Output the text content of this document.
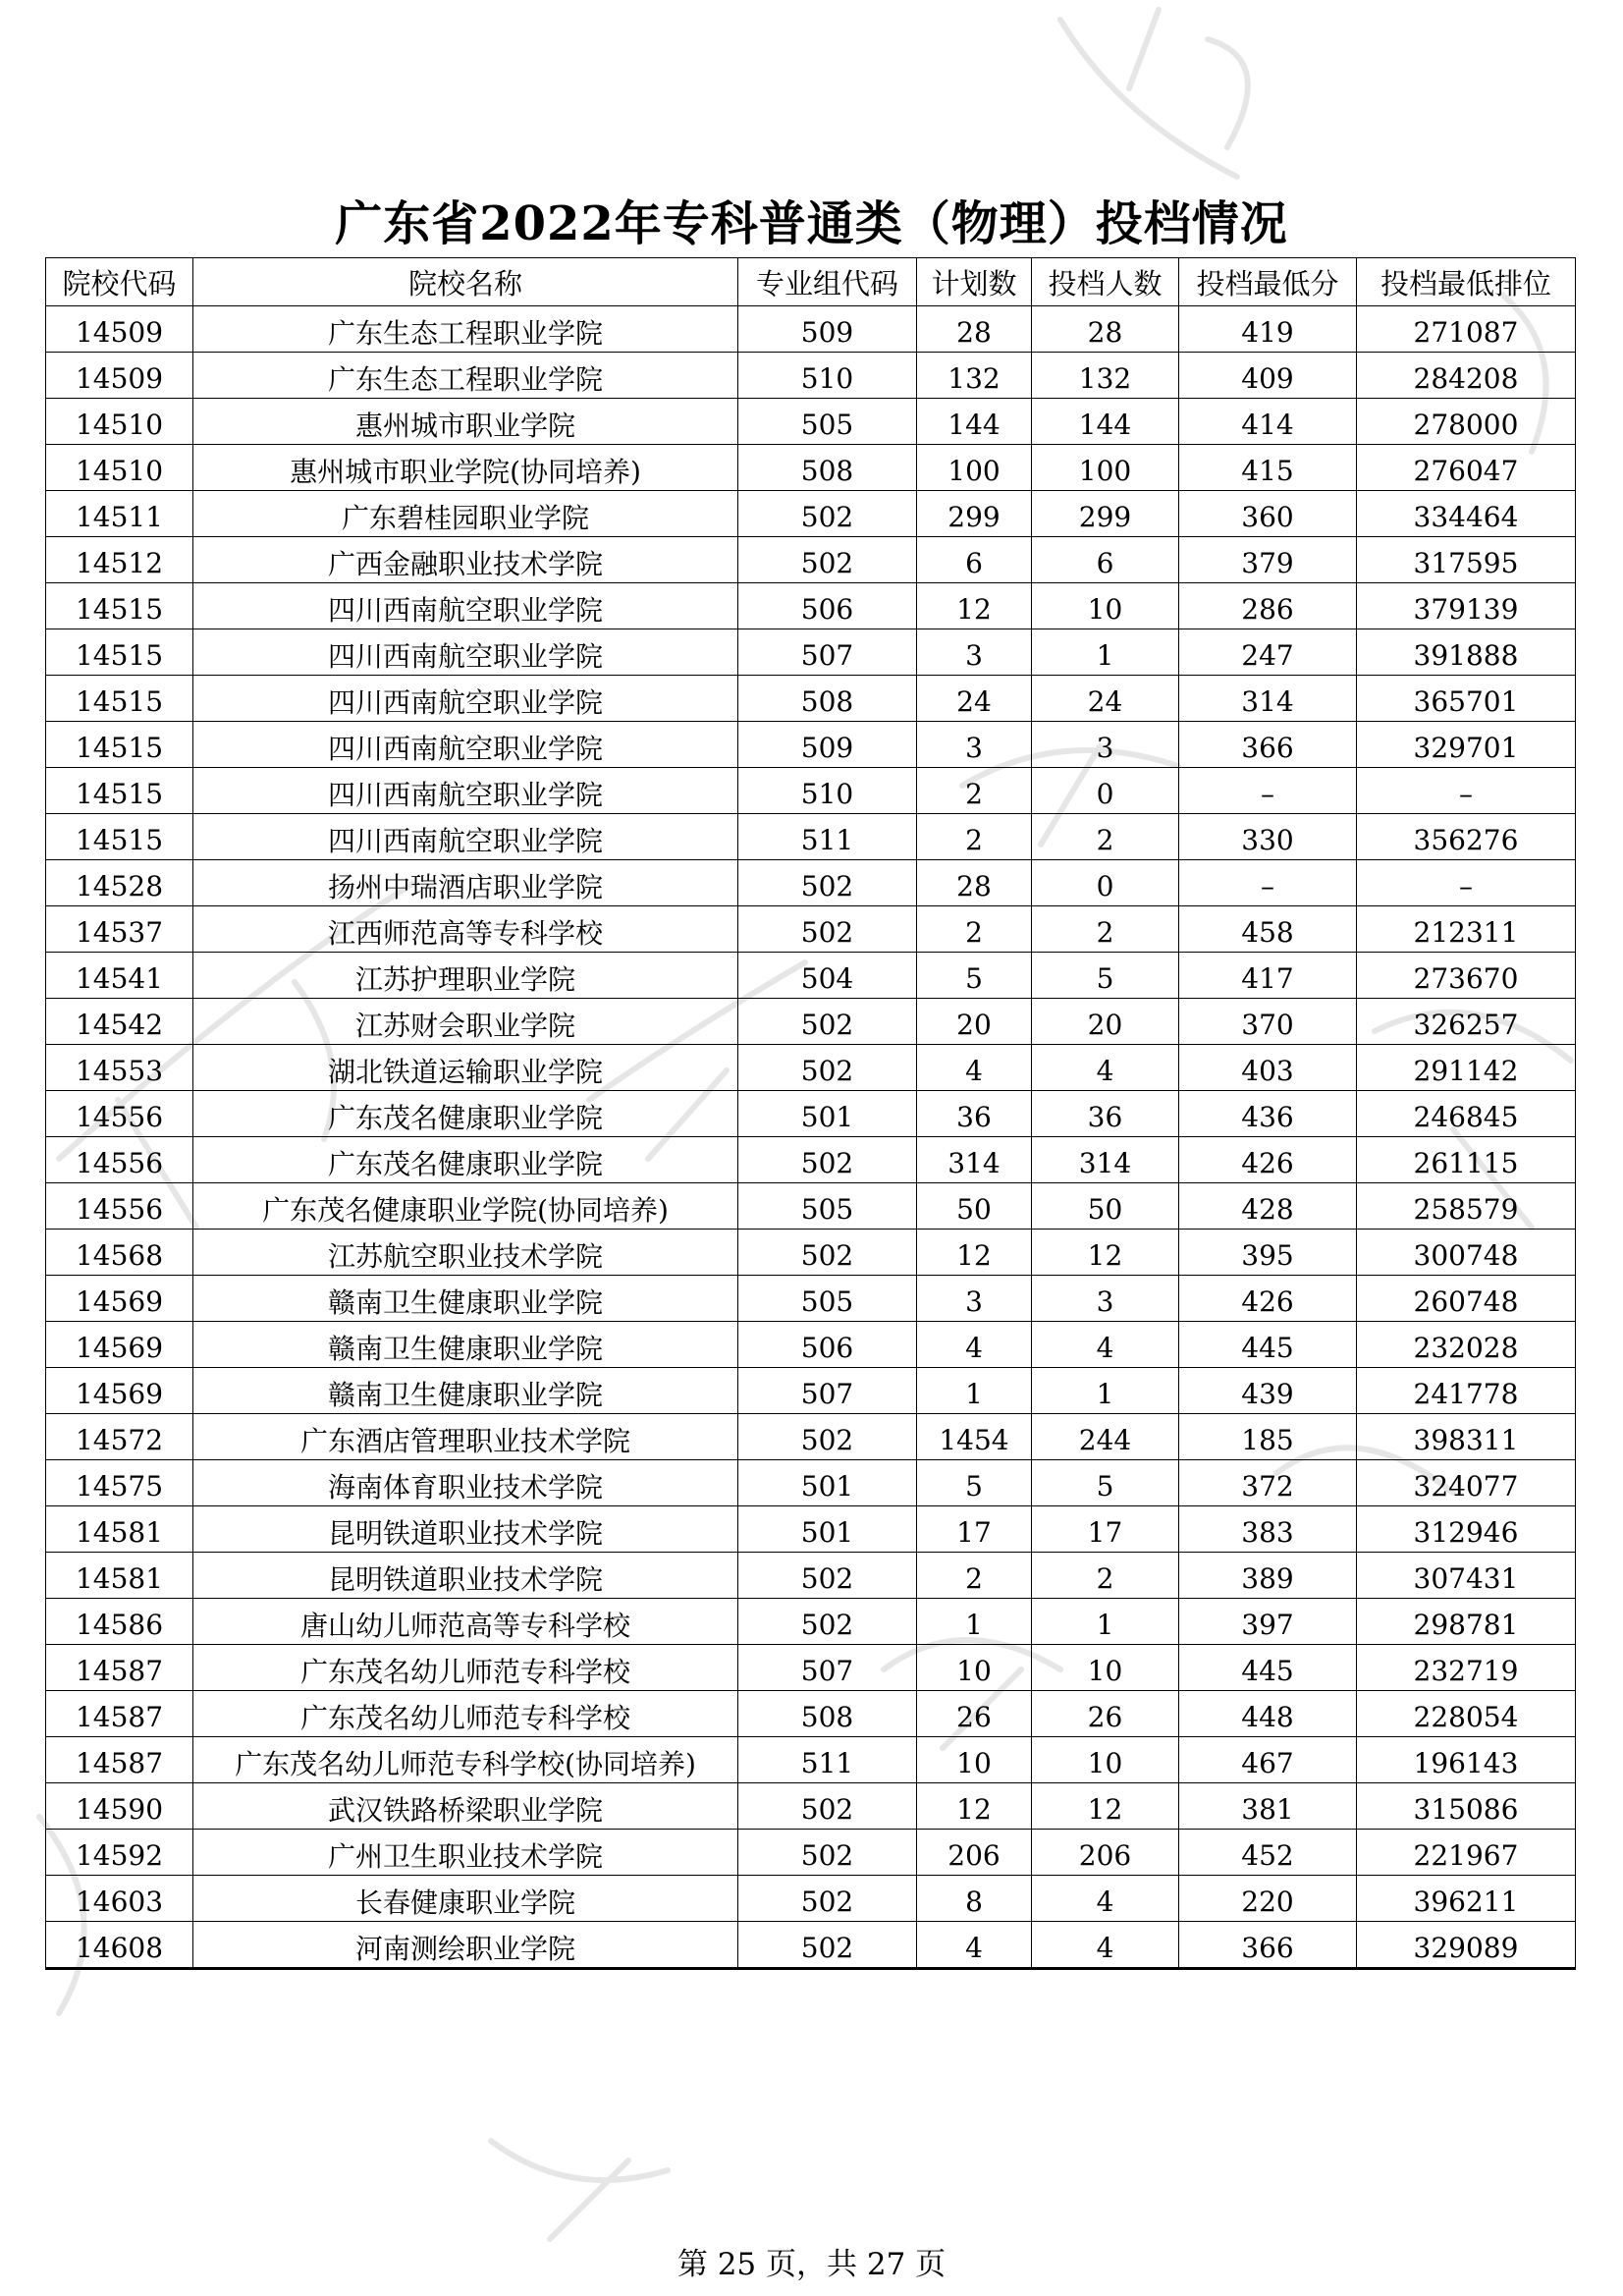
广东省2022年专科普通类（物理）投档情况
院校代码	院校名称	专业组代码	计划数	投档人数	投档最低分	投档最低排位
14509	广东生态工程职业学院	509	28	28	419	271087
14509	广东生态工程职业学院	510	132	132	409	284208
14510	惠州城市职业学院	505	144	144	414	278000
14510	惠州城市职业学院(协同培养)	508	100	100	415	276047
14511	广东碧桂园职业学院	502	299	299	360	334464
14512	广西金融职业技术学院	502	6	6	379	317595
14515	四川西南航空职业学院	506	12	10	286	379139
14515	四川西南航空职业学院	507	3	1	247	391888
14515	四川西南航空职业学院	508	24	24	314	365701
14515	四川西南航空职业学院	509	3	3	366	329701
14515	四川西南航空职业学院	510	2	0	–	–
14515	四川西南航空职业学院	511	2	2	330	356276
14528	扬州中瑞酒店职业学院	502	28	0	–	–
14537	江西师范高等专科学校	502	2	2	458	212311
14541	江苏护理职业学院	504	5	5	417	273670
14542	江苏财会职业学院	502	20	20	370	326257
14553	湖北铁道运输职业学院	502	4	4	403	291142
14556	广东茂名健康职业学院	501	36	36	436	246845
14556	广东茂名健康职业学院	502	314	314	426	261115
14556	广东茂名健康职业学院(协同培养)	505	50	50	428	258579
14568	江苏航空职业技术学院	502	12	12	395	300748
14569	赣南卫生健康职业学院	505	3	3	426	260748
14569	赣南卫生健康职业学院	506	4	4	445	232028
14569	赣南卫生健康职业学院	507	1	1	439	241778
14572	广东酒店管理职业技术学院	502	1454	244	185	398311
14575	海南体育职业技术学院	501	5	5	372	324077
14581	昆明铁道职业技术学院	501	17	17	383	312946
14581	昆明铁道职业技术学院	502	2	2	389	307431
14586	唐山幼儿师范高等专科学校	502	1	1	397	298781
14587	广东茂名幼儿师范专科学校	507	10	10	445	232719
14587	广东茂名幼儿师范专科学校	508	26	26	448	228054
14587	广东茂名幼儿师范专科学校(协同培养)	511	10	10	467	196143
14590	武汉铁路桥梁职业学院	502	12	12	381	315086
14592	广州卫生职业技术学院	502	206	206	452	221967
14603	长春健康职业学院	502	8	4	220	396211
14608	河南测绘职业学院	502	4	4	366	329089
第 25 页，共 27 页
